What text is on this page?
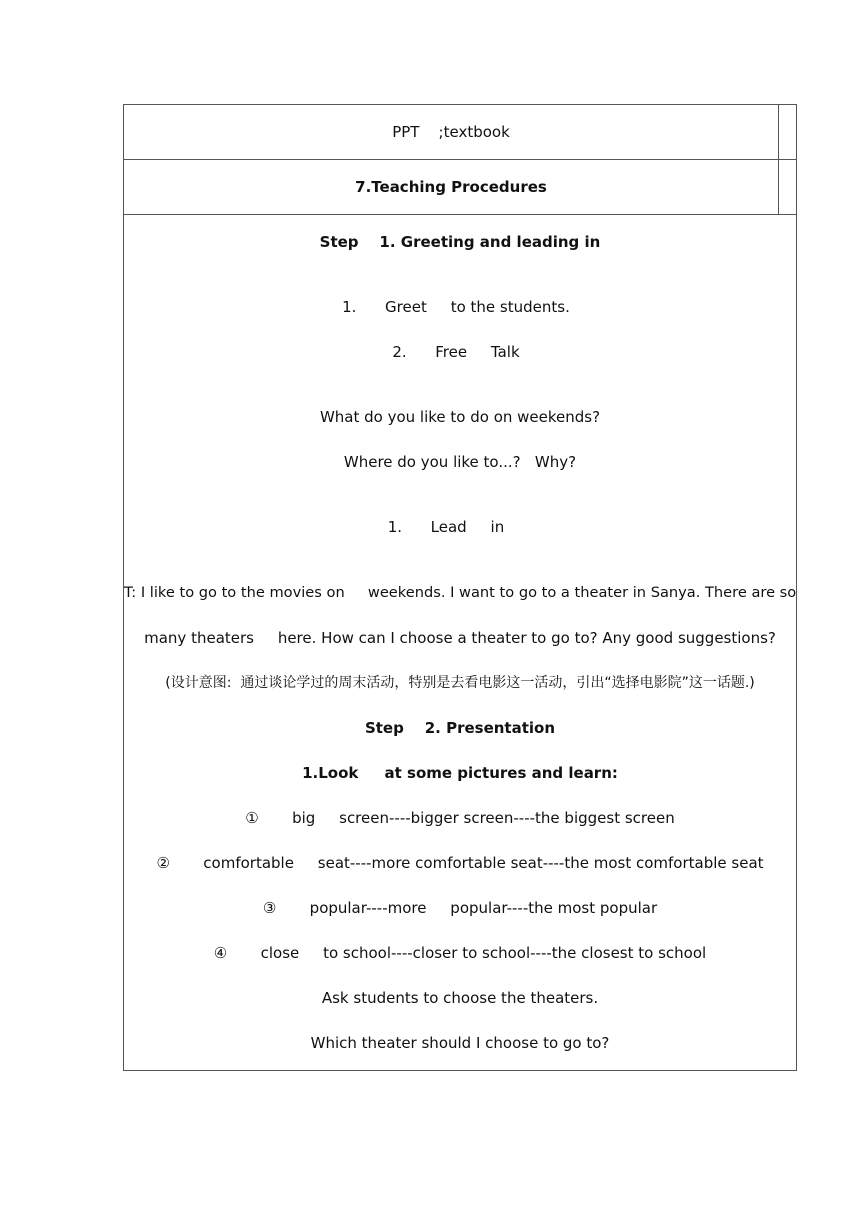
PPT    ;textbook
7.Teaching Procedures
Step    1. Greeting and leading in
1.      Greet     to the students.
2.      Free     Talk
What do you like to do on weekends?
Where do you like to...?   Why?
1.      Lead     in
T: I like to go to the movies on     weekends. I want to go to a theater in Sanya. There are so
many theaters     here. How can I choose a theater to go to? Any good suggestions?
(设计意图:  通过谈论学过的周末活动，特别是去看电影这一活动，引出“选择电影院”这一话题.)
Step    2. Presentation
1.Look     at some pictures and learn:
①       big     screen----bigger screen----the biggest screen
②       comfortable     seat----more comfortable seat----the most comfortable seat
③       popular----more     popular----the most popular
④       close     to school----closer to school----the closest to school
Ask students to choose the theaters.
Which theater should I choose to go to?
